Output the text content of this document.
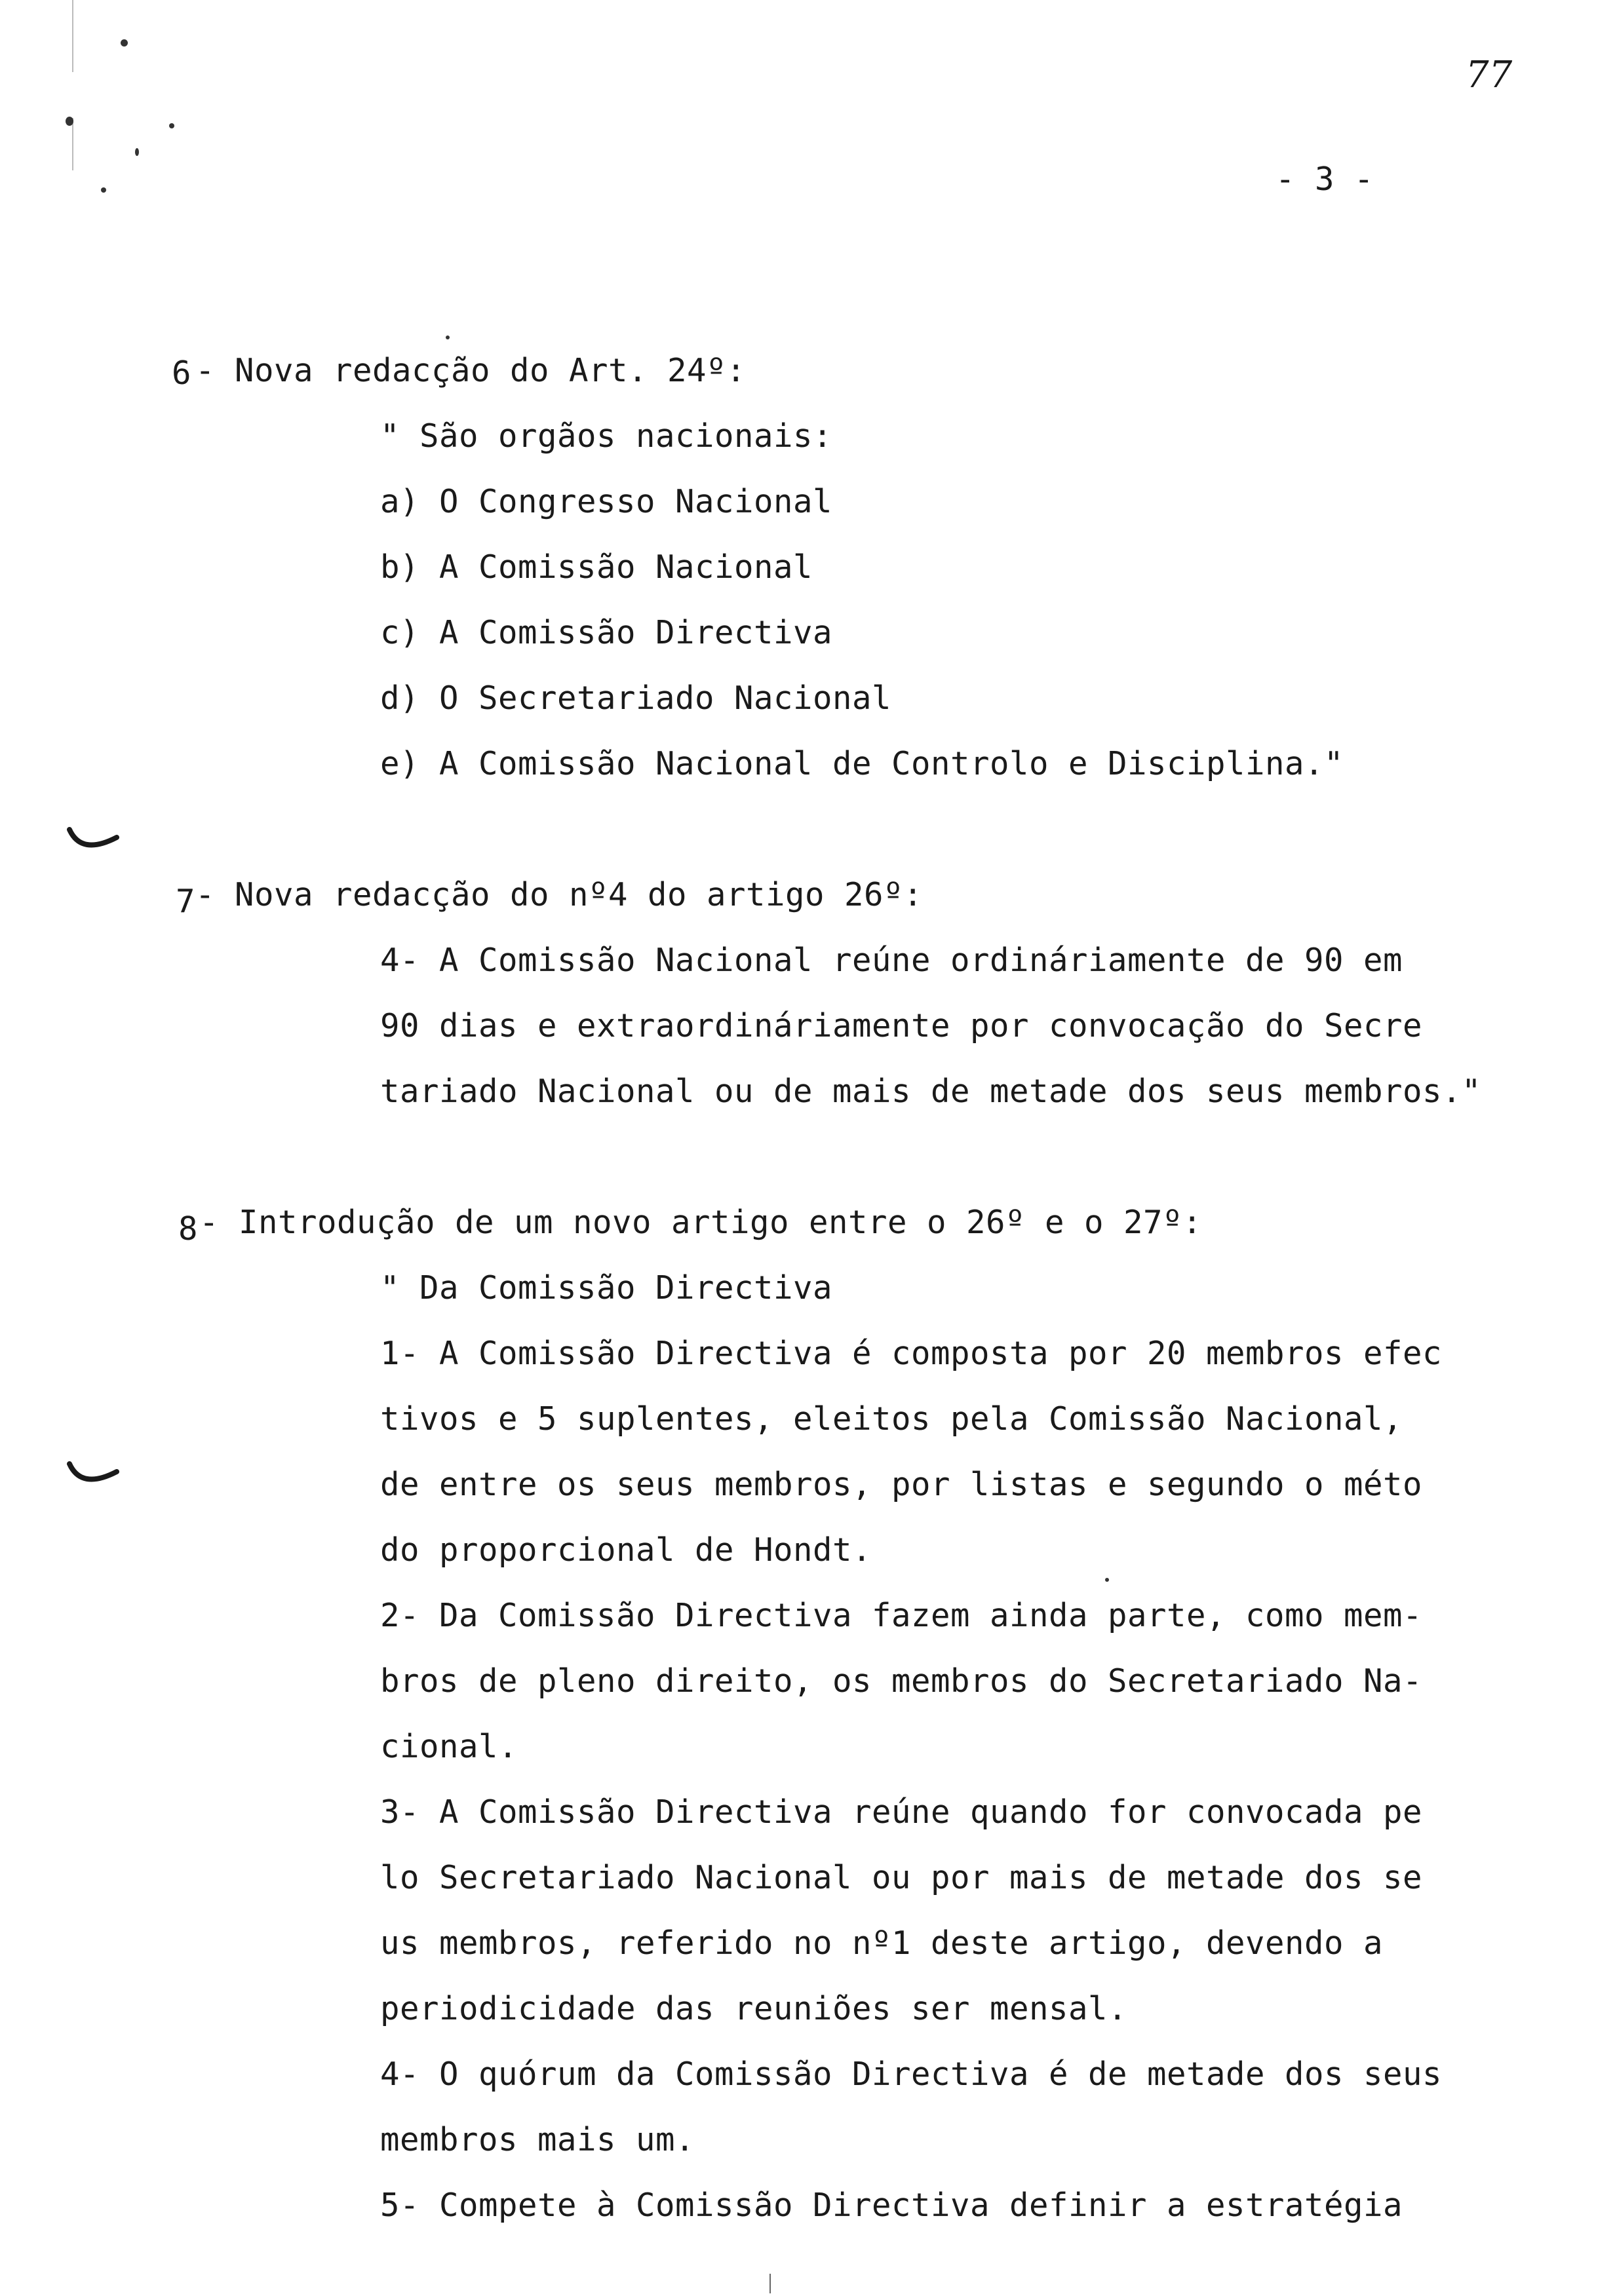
77
- 3 -
6 - Nova redacção do Art. 24º:
" São orgãos nacionais:
a) O Congresso Nacional
b) A Comissão Nacional
c) A Comissão Directiva
d) O Secretariado Nacional
e) A Comissão Nacional de Controlo e Disciplina."
7 - Nova redacção do nº4 do artigo 26º:
4- A Comissão Nacional reúne ordináriamente de 90 em
90 dias e extraordináriamente por convocação do Secre
tariado Nacional ou de mais de metade dos seus membros."
8 - Introdução de um novo artigo entre o 26º e o 27º:
" Da Comissão Directiva
1- A Comissão Directiva é composta por 20 membros efec
tivos e 5 suplentes, eleitos pela Comissão Nacional,
de entre os seus membros, por listas e segundo o méto
do proporcional de Hondt.
2- Da Comissão Directiva fazem ainda parte, como mem-
bros de pleno direito, os membros do Secretariado Na-
cional.
3- A Comissão Directiva reúne quando for convocada pe
lo Secretariado Nacional ou por mais de metade dos se
us membros, referido no nº1 deste artigo, devendo a
periodicidade das reuniões ser mensal.
4- O quórum da Comissão Directiva é de metade dos seus
membros mais um.
5- Compete à Comissão Directiva definir a estratégia
